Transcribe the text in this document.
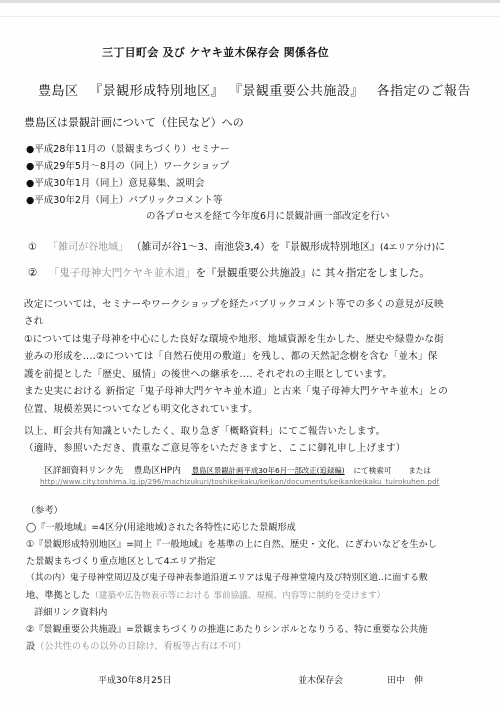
三丁目町会 及び ケヤキ並木保存会 関係各位
豊島区 『景観形成特別地区』 『景観重要公共施設』 各指定のご報告
豊島区は景観計画について（住民など）への
●平成28年11月の（景観まちづくり）セミナー
●平成29年5月～8月の（同上）ワークショップ
●平成30年1月（同上）意見募集、説明会
●平成30年2月（同上）パブリックコメント等
の各プロセスを経て今年度6月に景観計画一部改定を行い
① 「雑司が谷地域」 （雑司が谷1～3、南池袋3,4）を『景観形成特別地区』(4エリア分け)に
② 「鬼子母神大門ケヤキ並木道」を『景観重要公共施設』に 其々指定をしました。
改定については、セミナーやワークショップを経たパブリックコメント等での多くの意見が反映
され
①については鬼子母神を中心にした良好な環境や地形、地域資源を生かした、歴史や緑豊かな街
並みの形成を‥‥②については「自然石使用の敷道」を残し、都の天然記念樹を含む「並木」保
護を前提とした「歴史、風情」の後世への継承を‥‥ それぞれの主眼としています。
また史実における 新指定「鬼子母神大門ケヤキ並木道」と古来「鬼子母神大門ケヤキ並木」との
位置、規模差異についてなども明文化されています。
以上、町会共有知識といたしたく、取り急ぎ「概略資料」にてご報告いたします。
（適時、参照いただき、貴重なご意見等をいただきますと、ここに御礼申し上げます）
区詳細資料リンク先 豊島区HP内 豊島区景観計画平成30年6月一部改正(追録編) にて検索可 または
http://www.city.toshima.lg.jp/296/machizukuri/toshikeikaku/keikan/documents/keikankeikaku_tuirokuhen.pdf
（参考）
◯『一般地域』=4区分(用途地域)された各特性に応じた景観形成
①『景観形成特別地区』=同上『一般地域』を基準の上に自然、歴史・文化、にぎわいなどを生かし
た景観まちづくり重点地区として4エリア指定
（其の内）鬼子母神堂周辺及び鬼子母神表参道沿道エリアは鬼子母神堂境内及び特別区道‥に面する敷
地、準拠とした（建築や広告物表示等における 事前協議、規模、内容等に制約を受けます）
詳細リンク資料内
②『景観重要公共施設』=景観まちづくりの推進にあたりシンボルとなりうる、特に重要な公共施
設（公共性のもの以外の日除け、看板等占有は不可）
平成30年8月25日	並木保存会	田中　伸
